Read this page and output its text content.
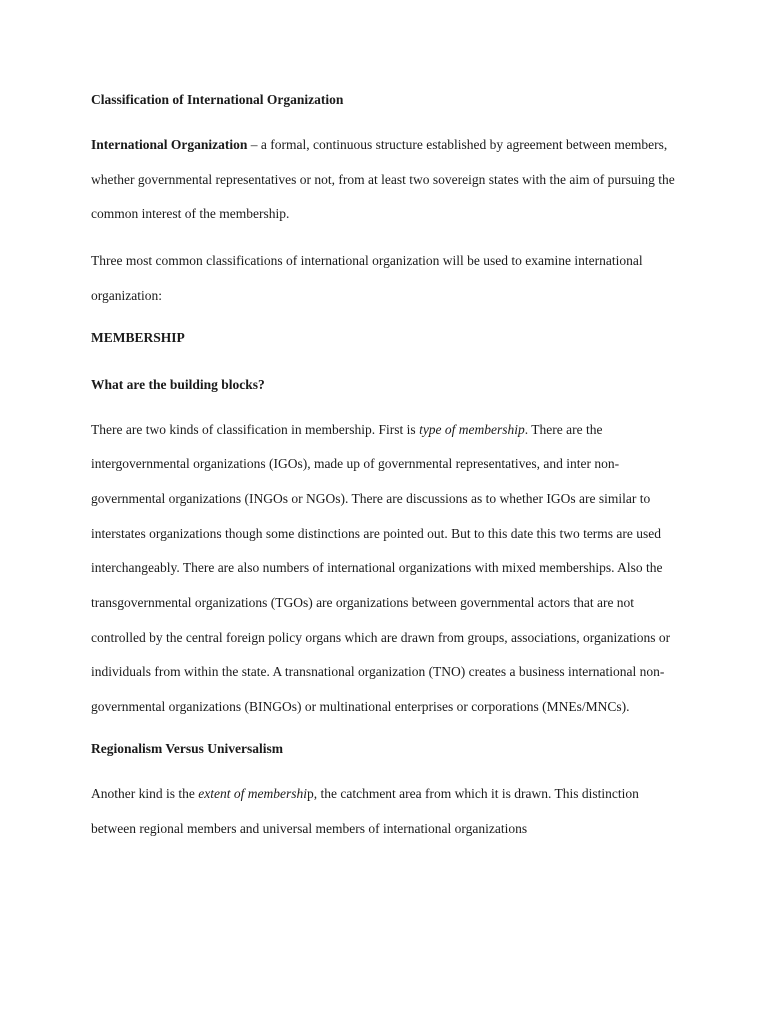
Classification of International Organization

International Organization – a formal, continuous structure established by agreement between members, whether governmental representatives or not, from at least two sovereign states with the aim of pursuing the common interest of the membership.

Three most common classifications of international organization will be used to examine international organization:

MEMBERSHIP
What are the building blocks?

There are two kinds of classification in membership. First is type of membership. There are the intergovernmental organizations (IGOs), made up of governmental representatives, and inter non-governmental organizations (INGOs or NGOs). There are discussions as to whether IGOs are similar to interstates organizations though some distinctions are pointed out. But to this date this two terms are used interchangeably. There are also numbers of international organizations with mixed memberships. Also the transgovernmental organizations (TGOs) are organizations between governmental actors that are not controlled by the central foreign policy organs which are drawn from groups, associations, organizations or individuals from within the state. A transnational organization (TNO) creates a business international non-governmental organizations (BINGOs) or multinational enterprises or corporations (MNEs/MNCs).

Regionalism Versus Universalism

Another kind is the extent of membership, the catchment area from which it is drawn. This distinction between regional members and universal members of international organizations
